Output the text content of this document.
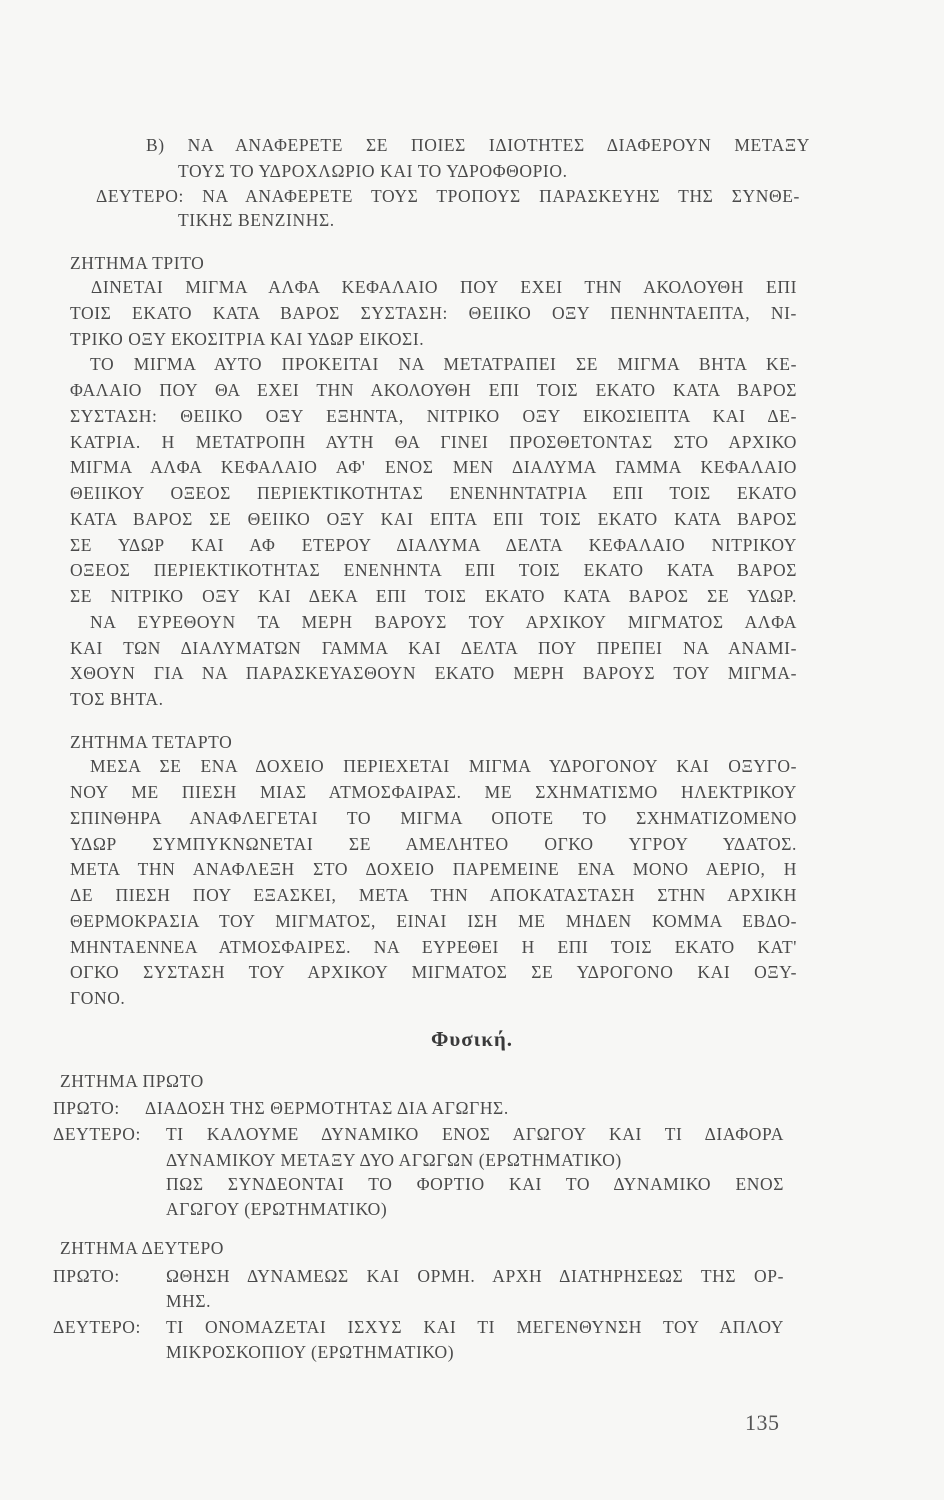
Β) ΝΑ ΑΝΑΦΕΡΕΤΕ ΣΕ ΠΟΙΕΣ ΙΔΙΟΤΗΤΕΣ ΔΙΑΦΕΡΟΥΝ ΜΕΤΑΞΥ
ΤΟΥΣ ΤΟ ΥΔΡΟΧΛΩΡΙΟ ΚΑΙ ΤΟ ΥΔΡΟΦΘΟΡΙΟ.
ΔΕΥΤΕΡΟ: ΝΑ ΑΝΑΦΕΡΕΤΕ ΤΟΥΣ ΤΡΟΠΟΥΣ ΠΑΡΑΣΚΕΥΗΣ ΤΗΣ ΣΥΝΘΕ-
ΤΙΚΗΣ ΒΕΝΖΙΝΗΣ.
ΖΗΤΗΜΑ ΤΡΙΤΟ
ΔΙΝΕΤΑΙ ΜΙΓΜΑ ΑΛΦΑ ΚΕΦΑΛΑΙΟ ΠΟΥ ΕΧΕΙ ΤΗΝ ΑΚΟΛΟΥΘΗ ΕΠΙ
ΤΟΙΣ ΕΚΑΤΟ ΚΑΤΑ ΒΑΡΟΣ ΣΥΣΤΑΣΗ: ΘΕΙΙΚΟ ΟΞΥ ΠΕΝΗΝΤΑΕΠΤΑ, ΝΙ-
ΤΡΙΚΟ ΟΞΥ ΕΚΟΣΙΤΡΙΑ ΚΑΙ ΥΔΩΡ ΕΙΚΟΣΙ.
ΤΟ ΜΙΓΜΑ ΑΥΤΟ ΠΡΟΚΕΙΤΑΙ ΝΑ ΜΕΤΑΤΡΑΠΕΙ ΣΕ ΜΙΓΜΑ ΒΗΤΑ ΚΕ-
ΦΑΛΑΙΟ ΠΟΥ ΘΑ ΕΧΕΙ ΤΗΝ ΑΚΟΛΟΥΘΗ ΕΠΙ ΤΟΙΣ ΕΚΑΤΟ ΚΑΤΑ ΒΑΡΟΣ
ΣΥΣΤΑΣΗ: ΘΕΙΙΚΟ ΟΞΥ ΕΞΗΝΤΑ, ΝΙΤΡΙΚΟ ΟΞΥ ΕΙΚΟΣΙΕΠΤΑ ΚΑΙ ΔΕ-
ΚΑΤΡΙΑ. Η ΜΕΤΑΤΡΟΠΗ ΑΥΤΗ ΘΑ ΓΙΝΕΙ ΠΡΟΣΘΕΤΟΝΤΑΣ ΣΤΟ ΑΡΧΙΚΟ
ΜΙΓΜΑ ΑΛΦΑ ΚΕΦΑΛΑΙΟ ΑΦ' ΕΝΟΣ ΜΕΝ ΔΙΑΛΥΜΑ ΓΑΜΜΑ ΚΕΦΑΛΑΙΟ
ΘΕΙΙΚΟΥ ΟΞΕΟΣ ΠΕΡΙΕΚΤΙΚΟΤΗΤΑΣ ΕΝΕΝΗΝΤΑΤΡΙΑ ΕΠΙ ΤΟΙΣ ΕΚΑΤΟ
ΚΑΤΑ ΒΑΡΟΣ ΣΕ ΘΕΙΙΚΟ ΟΞΥ ΚΑΙ ΕΠΤΑ ΕΠΙ ΤΟΙΣ ΕΚΑΤΟ ΚΑΤΑ ΒΑΡΟΣ
ΣΕ ΥΔΩΡ ΚΑΙ ΑΦ ΕΤΕΡΟΥ ΔΙΑΛΥΜΑ ΔΕΛΤΑ ΚΕΦΑΛΑΙΟ ΝΙΤΡΙΚΟΥ
ΟΞΕΟΣ ΠΕΡΙΕΚΤΙΚΟΤΗΤΑΣ ΕΝΕΝΗΝΤΑ ΕΠΙ ΤΟΙΣ ΕΚΑΤΟ ΚΑΤΑ ΒΑΡΟΣ
ΣΕ ΝΙΤΡΙΚΟ ΟΞΥ ΚΑΙ ΔΕΚΑ ΕΠΙ ΤΟΙΣ ΕΚΑΤΟ ΚΑΤΑ ΒΑΡΟΣ ΣΕ ΥΔΩΡ.
ΝΑ ΕΥΡΕΘΟΥΝ ΤΑ ΜΕΡΗ ΒΑΡΟΥΣ ΤΟΥ ΑΡΧΙΚΟΥ ΜΙΓΜΑΤΟΣ ΑΛΦΑ
ΚΑΙ ΤΩΝ ΔΙΑΛΥΜΑΤΩΝ ΓΑΜΜΑ ΚΑΙ ΔΕΛΤΑ ΠΟΥ ΠΡΕΠΕΙ ΝΑ ΑΝΑΜΙ-
ΧΘΟΥΝ ΓΙΑ ΝΑ ΠΑΡΑΣΚΕΥΑΣΘΟΥΝ ΕΚΑΤΟ ΜΕΡΗ ΒΑΡΟΥΣ ΤΟΥ ΜΙΓΜΑ-
ΤΟΣ ΒΗΤΑ.
ΖΗΤΗΜΑ ΤΕΤΑΡΤΟ
ΜΕΣΑ ΣΕ ΕΝΑ ΔΟΧΕΙΟ ΠΕΡΙΕΧΕΤΑΙ ΜΙΓΜΑ ΥΔΡΟΓΟΝΟΥ ΚΑΙ ΟΞΥΓΟ-
ΝΟΥ ΜΕ ΠΙΕΣΗ ΜΙΑΣ ΑΤΜΟΣΦΑΙΡΑΣ. ΜΕ ΣΧΗΜΑΤΙΣΜΟ ΗΛΕΚΤΡΙΚΟΥ
ΣΠΙΝΘΗΡΑ ΑΝΑΦΛΕΓΕΤΑΙ ΤΟ ΜΙΓΜΑ ΟΠΟΤΕ ΤΟ ΣΧΗΜΑΤΙΖΟΜΕΝΟ
ΥΔΩΡ ΣΥΜΠΥΚΝΩΝΕΤΑΙ ΣΕ ΑΜΕΛΗΤΕΟ ΟΓΚΟ ΥΓΡΟΥ ΥΔΑΤΟΣ.
ΜΕΤΑ ΤΗΝ ΑΝΑΦΛΕΞΗ ΣΤΟ ΔΟΧΕΙΟ ΠΑΡΕΜΕΙΝΕ ΕΝΑ ΜΟΝΟ ΑΕΡΙΟ, Η
ΔΕ ΠΙΕΣΗ ΠΟΥ ΕΞΑΣΚΕΙ, ΜΕΤΑ ΤΗΝ ΑΠΟΚΑΤΑΣΤΑΣΗ ΣΤΗΝ ΑΡΧΙΚΗ
ΘΕΡΜΟΚΡΑΣΙΑ ΤΟΥ ΜΙΓΜΑΤΟΣ, ΕΙΝΑΙ ΙΣΗ ΜΕ ΜΗΔΕΝ ΚΟΜΜΑ ΕΒΔΟ-
ΜΗΝΤΑΕΝΝΕΑ ΑΤΜΟΣΦΑΙΡΕΣ. ΝΑ ΕΥΡΕΘΕΙ Η ΕΠΙ ΤΟΙΣ ΕΚΑΤΟ ΚΑΤ'
ΟΓΚΟ ΣΥΣΤΑΣΗ ΤΟΥ ΑΡΧΙΚΟΥ ΜΙΓΜΑΤΟΣ ΣΕ ΥΔΡΟΓΟΝΟ ΚΑΙ ΟΞΥ-
ΓΟΝΟ.
Φυσική.
ΖΗΤΗΜΑ ΠΡΩΤΟ
ΠΡΩΤΟ: ΔΙΑΔΟΣΗ ΤΗΣ ΘΕΡΜΟΤΗΤΑΣ ΔΙΑ ΑΓΩΓΗΣ.
ΔΕΥΤΕΡΟ: ΤΙ ΚΑΛΟΥΜΕ ΔΥΝΑΜΙΚΟ ΕΝΟΣ ΑΓΩΓΟΥ ΚΑΙ ΤΙ ΔΙΑΦΟΡΑ
ΔΥΝΑΜΙΚΟΥ ΜΕΤΑΞΥ ΔΥΟ ΑΓΩΓΩΝ (ΕΡΩΤΗΜΑΤΙΚΟ)
ΠΩΣ ΣΥΝΔΕΟΝΤΑΙ ΤΟ ΦΟΡΤΙΟ ΚΑΙ ΤΟ ΔΥΝΑΜΙΚΟ ΕΝΟΣ
ΑΓΩΓΟΥ (ΕΡΩΤΗΜΑΤΙΚΟ)
ΖΗΤΗΜΑ ΔΕΥΤΕΡΟ
ΠΡΩΤΟ:	ΩΘΗΣΗ ΔΥΝΑΜΕΩΣ ΚΑΙ ΟΡΜΗ. ΑΡΧΗ ΔΙΑΤΗΡΗΣΕΩΣ ΤΗΣ ΟΡ-
ΜΗΣ.
ΔΕΥΤΕΡΟ: ΤΙ ΟΝΟΜΑΖΕΤΑΙ ΙΣΧΥΣ ΚΑΙ ΤΙ ΜΕΓΕΝΘΥΝΣΗ ΤΟΥ ΑΠΛΟΥ
ΜΙΚΡΟΣΚΟΠΙΟΥ (ΕΡΩΤΗΜΑΤΙΚΟ)
135
